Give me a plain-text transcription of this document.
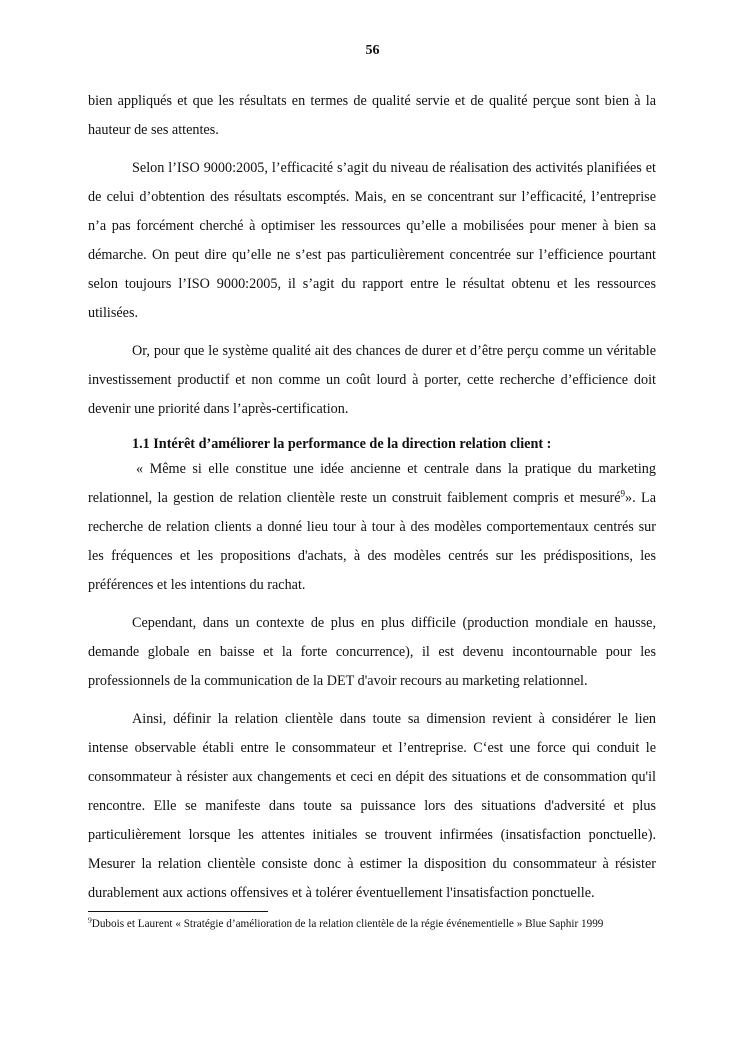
56

bien appliqués et que les résultats en termes de qualité servie et de qualité perçue sont bien à la hauteur de ses attentes.

Selon l’ISO 9000:2005, l’efficacité s’agit du niveau de réalisation des activités planifiées et de celui d’obtention des résultats escomptés. Mais, en se concentrant sur l’efficacité, l’entreprise n’a pas forcément cherché à optimiser les ressources qu’elle a mobilisées pour mener à bien sa démarche. On peut dire qu’elle ne s’est pas particulièrement concentrée sur l’efficience pourtant selon toujours l’ISO 9000:2005, il s’agit du rapport entre le résultat obtenu et les ressources utilisées.

Or, pour que le système qualité ait des chances de durer et d’être perçu comme un véritable investissement productif et non comme un coût lourd à porter, cette recherche d’efficience doit devenir une priorité dans l’après-certification.

1.1 Intérêt d’améliorer la performance de la direction relation client :

« Même si elle constitue une idée ancienne et centrale dans la pratique du marketing relationnel, la gestion de relation clientèle reste un construit faiblement compris et mesuré$^9$». La recherche de relation clients a donné lieu tour à tour à des modèles comportementaux centrés sur les fréquences et les propositions d'achats, à des modèles centrés sur les prédispositions, les préférences et les intentions du rachat.

Cependant, dans un contexte de plus en plus difficile (production mondiale en hausse, demande globale en baisse et la forte concurrence), il est devenu incontournable pour les professionnels de la communication de la DET d'avoir recours au marketing relationnel.

Ainsi, définir la relation clientèle dans toute sa dimension revient à considérer le lien intense observable établi entre le consommateur et l’entreprise. C‘est une force qui conduit le consommateur à résister aux changements et ceci en dépit des situations et de consommation qu'il rencontre. Elle se manifeste dans toute sa puissance lors des situations d'adversité et plus particulièrement lorsque les attentes initiales se trouvent infirmées (insatisfaction ponctuelle). Mesurer la relation clientèle consiste donc à estimer la disposition du consommateur à résister durablement aux actions offensives et à tolérer éventuellement l'insatisfaction ponctuelle.

$^9$Dubois et Laurent « Stratégie d’amélioration de la relation clientèle de la régie événementielle » Blue Saphir 1999
